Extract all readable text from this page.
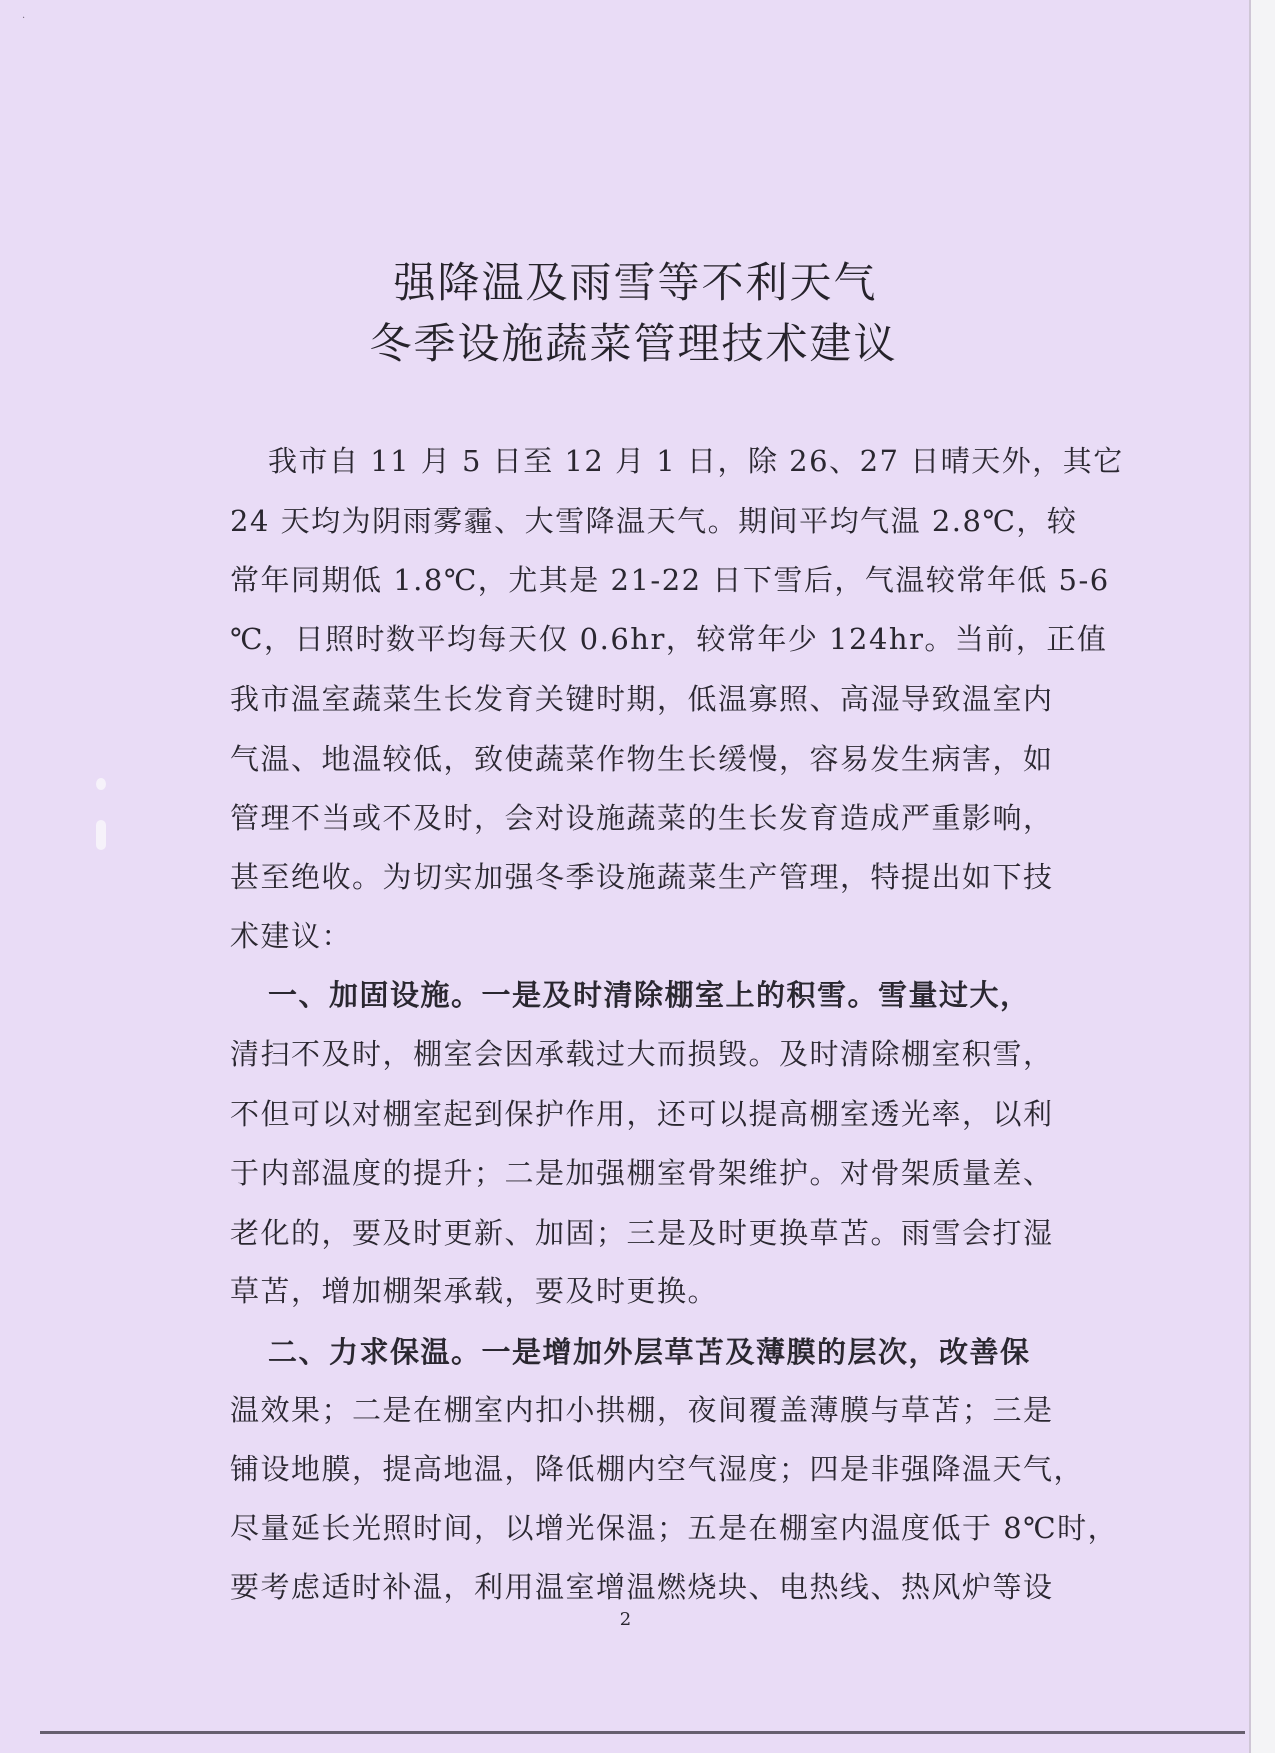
·
强降温及雨雪等不利天气
冬季设施蔬菜管理技术建议
我市自 11 月 5 日至 12 月 1 日，除 26、27 日晴天外，其它
24 天均为阴雨雾霾、大雪降温天气。期间平均气温 2.8℃，较
常年同期低 1.8℃，尤其是 21-22 日下雪后，气温较常年低 5-6
℃，日照时数平均每天仅 0.6hr，较常年少 124hr。当前，正值
我市温室蔬菜生长发育关键时期，低温寡照、高湿导致温室内
气温、地温较低，致使蔬菜作物生长缓慢，容易发生病害，如
管理不当或不及时，会对设施蔬菜的生长发育造成严重影响，
甚至绝收。为切实加强冬季设施蔬菜生产管理，特提出如下技
术建议：
一、加固设施。一是及时清除棚室上的积雪。雪量过大，
清扫不及时，棚室会因承载过大而损毁。及时清除棚室积雪，
不但可以对棚室起到保护作用，还可以提高棚室透光率，以利
于内部温度的提升；二是加强棚室骨架维护。对骨架质量差、
老化的，要及时更新、加固；三是及时更换草苫。雨雪会打湿
草苫，增加棚架承载，要及时更换。
二、力求保温。一是增加外层草苫及薄膜的层次，改善保
温效果；二是在棚室内扣小拱棚，夜间覆盖薄膜与草苫；三是
铺设地膜，提高地温，降低棚内空气湿度；四是非强降温天气，
尽量延长光照时间，以增光保温；五是在棚室内温度低于 8℃时，
要考虑适时补温，利用温室增温燃烧块、电热线、热风炉等设
2
